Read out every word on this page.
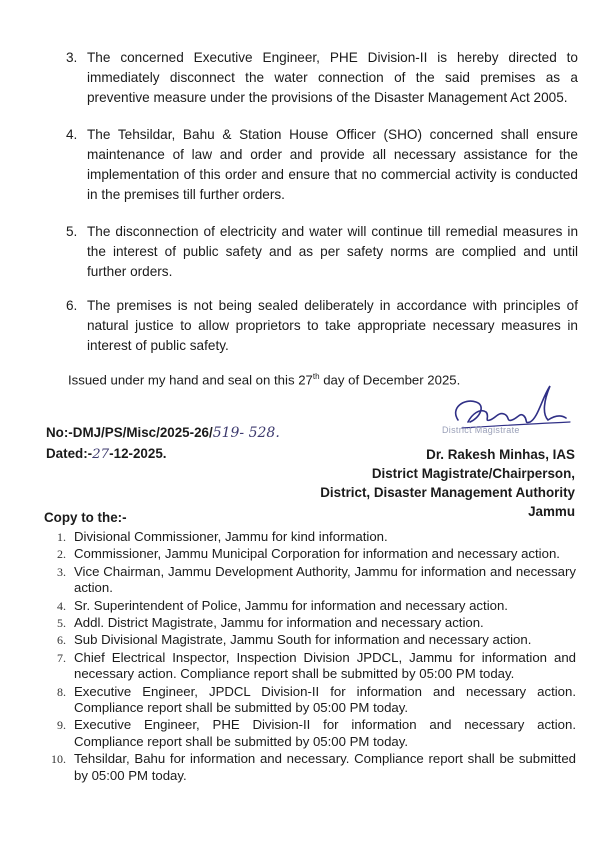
3. The concerned Executive Engineer, PHE Division-II is hereby directed to immediately disconnect the water connection of the said premises as a preventive measure under the provisions of the Disaster Management Act 2005.
4. The Tehsildar, Bahu & Station House Officer (SHO) concerned shall ensure maintenance of law and order and provide all necessary assistance for the implementation of this order and ensure that no commercial activity is conducted in the premises till further orders.
5. The disconnection of electricity and water will continue till remedial measures in the interest of public safety and as per safety norms are complied and until further orders.
6. The premises is not being sealed deliberately in accordance with principles of natural justice to allow proprietors to take appropriate necessary measures in interest of public safety.
Issued under my hand and seal on this 27th day of December 2025.
District Magistrate
No:-DMJ/PS/Misc/2025-26/519- 528.
Dated:-27-12-2025.	Dr. Rakesh Minhas, IAS
District Magistrate/Chairperson,
District, Disaster Management Authority
Jammu
Copy to the:-
1. Divisional Commissioner, Jammu for kind information.
2. Commissioner, Jammu Municipal Corporation for information and necessary action.
3. Vice Chairman, Jammu Development Authority, Jammu for information and necessary action.
4. Sr. Superintendent of Police, Jammu for information and necessary action.
5. Addl. District Magistrate, Jammu for information and necessary action.
6. Sub Divisional Magistrate, Jammu South for information and necessary action.
7. Chief Electrical Inspector, Inspection Division JPDCL, Jammu for information and necessary action. Compliance report shall be submitted by 05:00 PM today.
8. Executive Engineer, JPDCL Division-II for information and necessary action. Compliance report shall be submitted by 05:00 PM today.
9. Executive Engineer, PHE Division-II for information and necessary action. Compliance report shall be submitted by 05:00 PM today.
10. Tehsildar, Bahu for information and necessary. Compliance report shall be submitted by 05:00 PM today.
